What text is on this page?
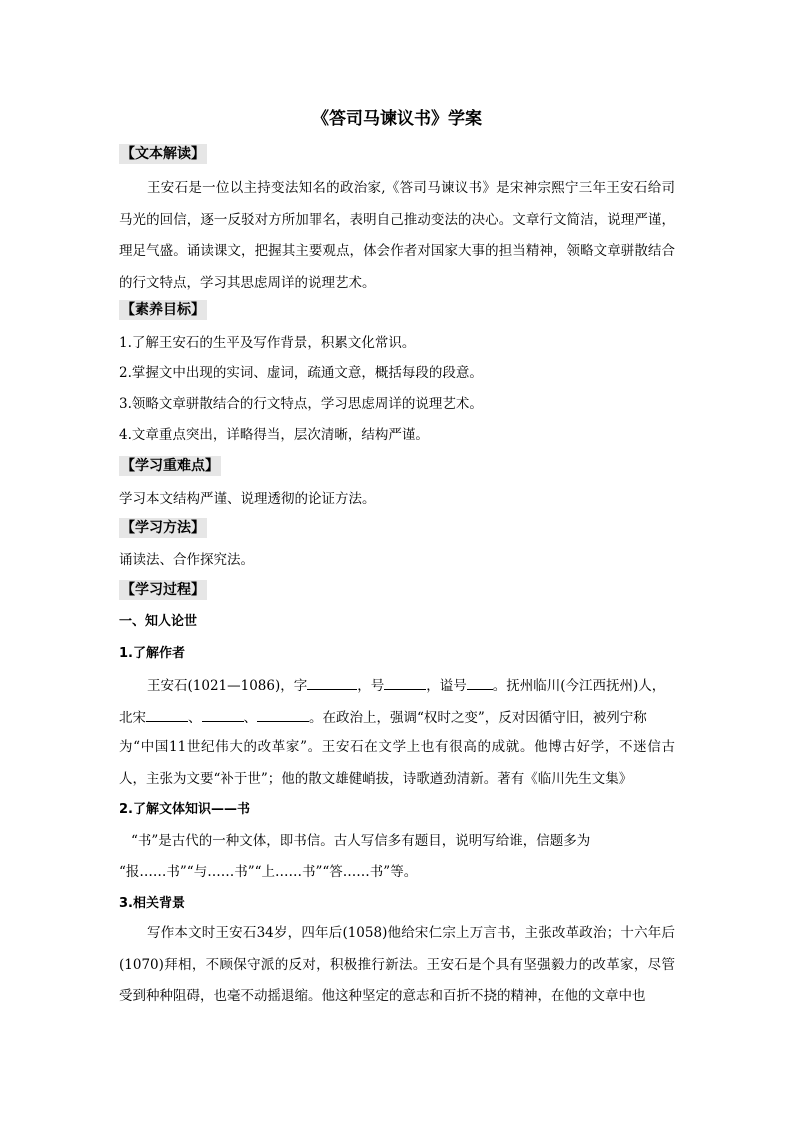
《答司马谏议书》学案
【文本解读】
王安石是一位以主持变法知名的政治家,《答司马谏议书》是宋神宗熙宁三年王安石给司马光的回信，逐一反驳对方所加罪名，表明自己推动变法的决心。文章行文简洁，说理严谨，理足气盛。诵读课文，把握其主要观点，体会作者对国家大事的担当精神，领略文章骈散结合的行文特点，学习其思虑周详的说理艺术。
【素养目标】
1.了解王安石的生平及写作背景，积累文化常识。
2.掌握文中出现的实词、虚词，疏通文意，概括每段的段意。
3.领略文章骈散结合的行文特点，学习思虑周详的说理艺术。
4.文章重点突出，详略得当，层次清晰，结构严谨。
【学习重难点】
学习本文结构严谨、说理透彻的论证方法。
【学习方法】
诵读法、合作探究法。
【学习过程】
一、知人论世
1.了解作者
王安石(1021—1086)，字	，号	，谥号 。抚州临川(今江西抚州)人，
北宋	、	、	。在政治上，强调“权时之变”，反对因循守旧，被列宁称
为“中国11世纪伟大的改革家”。王安石在文学上也有很高的成就。他博古好学，不迷信古人，主张为文要“补于世”；他的散文雄健峭拔，诗歌遒劲清新。著有《临川先生文集》
2.了解文体知识——书
“书”是古代的一种文体，即书信。古人写信多有题目，说明写给谁，信题多为
“报……书”“与……书”“上……书”“答……书”等。
3.相关背景
写作本文时王安石34岁，四年后(1058)他给宋仁宗上万言书，主张改革政治；十六年后(1070)拜相，不顾保守派的反对，积极推行新法。王安石是个具有坚强毅力的改革家，尽管受到种种阻碍，也毫不动摇退缩。他这种坚定的意志和百折不挠的精神，在他的文章中也
